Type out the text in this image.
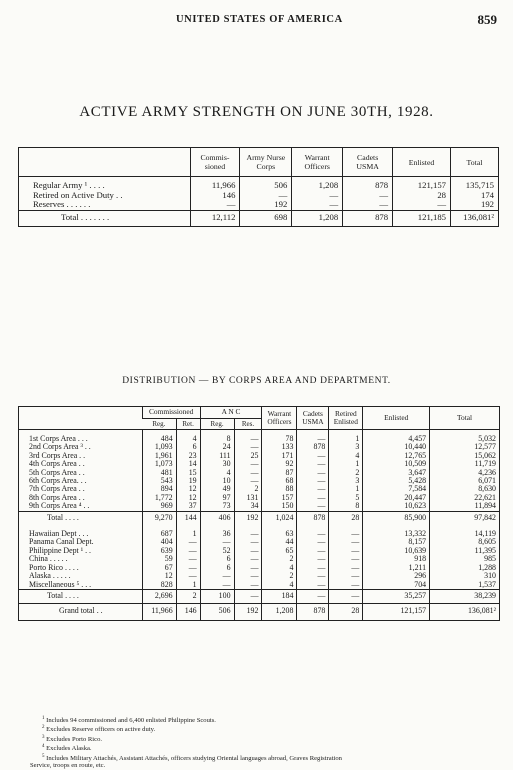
UNITED STATES OF AMERICA	859
ACTIVE ARMY STRENGTH ON JUNE 30TH, 1928.
	Commis-sioned	Army Nurse Corps	Warrant Officers	Cadets USMA	Enlisted	Total
Regular Army ¹ . . . .	11,966	506	1,208	878	121,157	135,715
Retired on Active Duty . .	146	—	—	—	28	174
Reserves . . . . . .	—	192	—	—	—	192
Total . . . . . . .	12,112	698	1,208	878	121,185	136,081²
DISTRIBUTION — BY CORPS AREA AND DEPARTMENT.
	Commissioned		A N C		Warrant Officers	Cadets USMA	Retired Enlisted	Enlisted	Total
	Reg.	Ret.	Reg.	Res.					
1st Corps Area . . .	484	4	8	—	78	—	1	4,457	5,032
2nd Corps Area ³ . .	1,093	6	24	—	133	878	3	10,440	12,577
3rd Corps Area . .	1,961	23	111	25	171	—	4	12,765	15,062
4th Corps Area . .	1,073	14	30	—	92	—	1	10,509	11,719
5th Corps Area . .	481	15	4	—	87	—	2	3,647	4,236
6th Corps Area. . .	543	19	10	—	68	—	3	5,428	6,071
7th Corps Area . .	894	12	49	2	88	—	1	7,584	8,630
8th Corps Area . .	1,772	12	97	131	157	—	5	20,447	22,621
9th Corps Area ⁴ . .	969	37	73	34	150	—	8	10,623	11,894
Total . . . .	9,270	144	406	192	1,024	878	28	85,900	97,842
Hawaiian Dept . . .	687	1	36	—	63	—	—	13,332	14,119
Panama Canal Dept.	404	—	—	—	44	—	—	8,157	8,605
Philippine Dept ¹ . .	639	—	52	—	65	—	—	10,639	11,395
China . . . . .	59	—	6	—	2	—	—	918	985
Porto Rico . . . .	67	—	6	—	4	—	—	1,211	1,288
Alaska . . . . .	12	—	—	—	2	—	—	296	310
Miscellaneous ⁵ . . .	828	1	—	—	4	—	—	704	1,537
Total . . . .	2,696	2	100	—	184	—	—	35,257	38,239
Grand total . .	11,966	146	506	192	1,208	878	28	121,157	136,081²

$^1$ Includes 94 commissioned and 6,400 enlisted Philippine Scouts.

$^2$ Excludes Reserve officers on active duty.

$^3$ Excludes Porto Rico.

$^4$ Excludes Alaska.

$^5$ Includes Military Attachés, Assistant Attachés, officers studying Oriental languages abroad, Graves Registration

Service, troops en route, etc.
